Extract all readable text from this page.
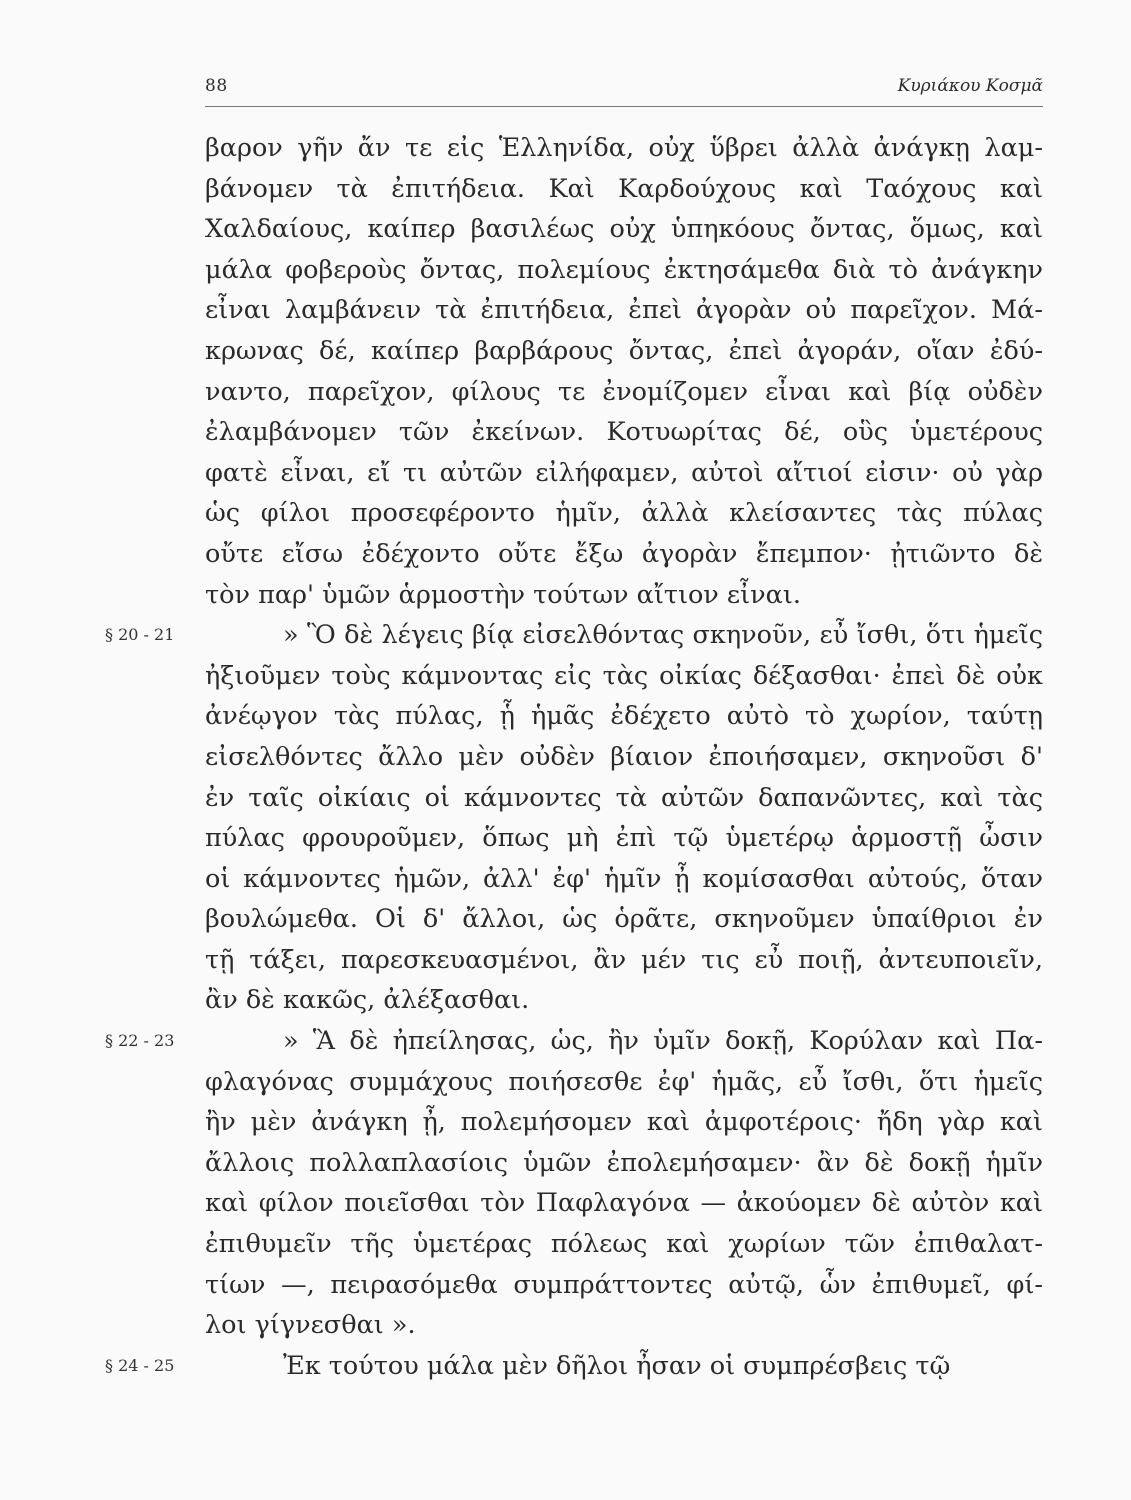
88	Κυριάκου Κοσμᾶ
βαρον γῆν ἄν τε εἰς Ἑλληνίδα, οὐχ ὕβρει ἀλλὰ ἀνάγκῃ λαμ-
βάνομεν τὰ ἐπιτήδεια. Καὶ Καρδούχους καὶ Ταόχους καὶ
Χαλδαίους, καίπερ βασιλέως οὐχ ὑπηκόους ὄντας, ὅμως, καὶ
μάλα φοβεροὺς ὄντας, πολεμίους ἐκτησάμεθα διὰ τὸ ἀνάγκην
εἶναι λαμβάνειν τὰ ἐπιτήδεια, ἐπεὶ ἀγορὰν οὐ παρεῖχον. Μά-
κρωνας δέ, καίπερ βαρβάρους ὄντας, ἐπεὶ ἀγοράν, οἵαν ἐδύ-
ναντο, παρεῖχον, φίλους τε ἐνομίζομεν εἶναι καὶ βίᾳ οὐδὲν
ἐλαμβάνομεν τῶν ἐκείνων. Κοτυωρίτας δέ, οὓς ὑμετέρους
φατὲ εἶναι, εἴ τι αὐτῶν εἰλήφαμεν, αὐτοὶ αἴτιοί εἰσιν· οὐ γὰρ
ὡς φίλοι προσεφέροντο ἡμῖν, ἀλλὰ κλείσαντες τὰς πύλας
οὔτε εἴσω ἐδέχοντο οὔτε ἔξω ἀγορὰν ἔπεμπον· ᾐτιῶντο δὲ
τὸν παρ' ὑμῶν ἁρμοστὴν τούτων αἴτιον εἶναι.
§ 20 - 21	» Ὃ δὲ λέγεις βίᾳ εἰσελθόντας σκηνοῦν, εὖ ἴσθι, ὅτι ἡμεῖς
ἠξιοῦμεν τοὺς κάμνοντας εἰς τὰς οἰκίας δέξασθαι· ἐπεὶ δὲ οὐκ
ἀνέῳγον τὰς πύλας, ᾗ ἡμᾶς ἐδέχετο αὐτὸ τὸ χωρίον, ταύτῃ
εἰσελθόντες ἄλλο μὲν οὐδὲν βίαιον ἐποιήσαμεν, σκηνοῦσι δ'
ἐν ταῖς οἰκίαις οἱ κάμνοντες τὰ αὐτῶν δαπανῶντες, καὶ τὰς
πύλας φρουροῦμεν, ὅπως μὴ ἐπὶ τῷ ὑμετέρῳ ἁρμοστῇ ὦσιν
οἱ κάμνοντες ἡμῶν, ἀλλ' ἐφ' ἡμῖν ᾖ κομίσασθαι αὐτούς, ὅταν
βουλώμεθα. Οἱ δ' ἄλλοι, ὡς ὁρᾶτε, σκηνοῦμεν ὑπαίθριοι ἐν
τῇ τάξει, παρεσκευασμένοι, ἂν μέν τις εὖ ποιῇ, ἀντευποιεῖν,
ἂν δὲ κακῶς, ἀλέξασθαι.
§ 22 - 23	» Ἃ δὲ ἠπείλησας, ὡς, ἢν ὑμῖν δοκῇ, Κορύλαν καὶ Πα-
φλαγόνας συμμάχους ποιήσεσθε ἐφ' ἡμᾶς, εὖ ἴσθι, ὅτι ἡμεῖς
ἢν μὲν ἀνάγκη ᾖ, πολεμήσομεν καὶ ἀμφοτέροις· ἤδη γὰρ καὶ
ἄλλοις πολλαπλασίοις ὑμῶν ἐπολεμήσαμεν· ἂν δὲ δοκῇ ἡμῖν
καὶ φίλον ποιεῖσθαι τὸν Παφλαγόνα — ἀκούομεν δὲ αὐτὸν καὶ
ἐπιθυμεῖν τῆς ὑμετέρας πόλεως καὶ χωρίων τῶν ἐπιθαλατ-
τίων —, πειρασόμεθα συμπράττοντες αὐτῷ, ὧν ἐπιθυμεῖ, φί-
λοι γίγνεσθαι ».
§ 24 - 25	Ἐκ τούτου μάλα μὲν δῆλοι ἦσαν οἱ συμπρέσβεις τῷ
